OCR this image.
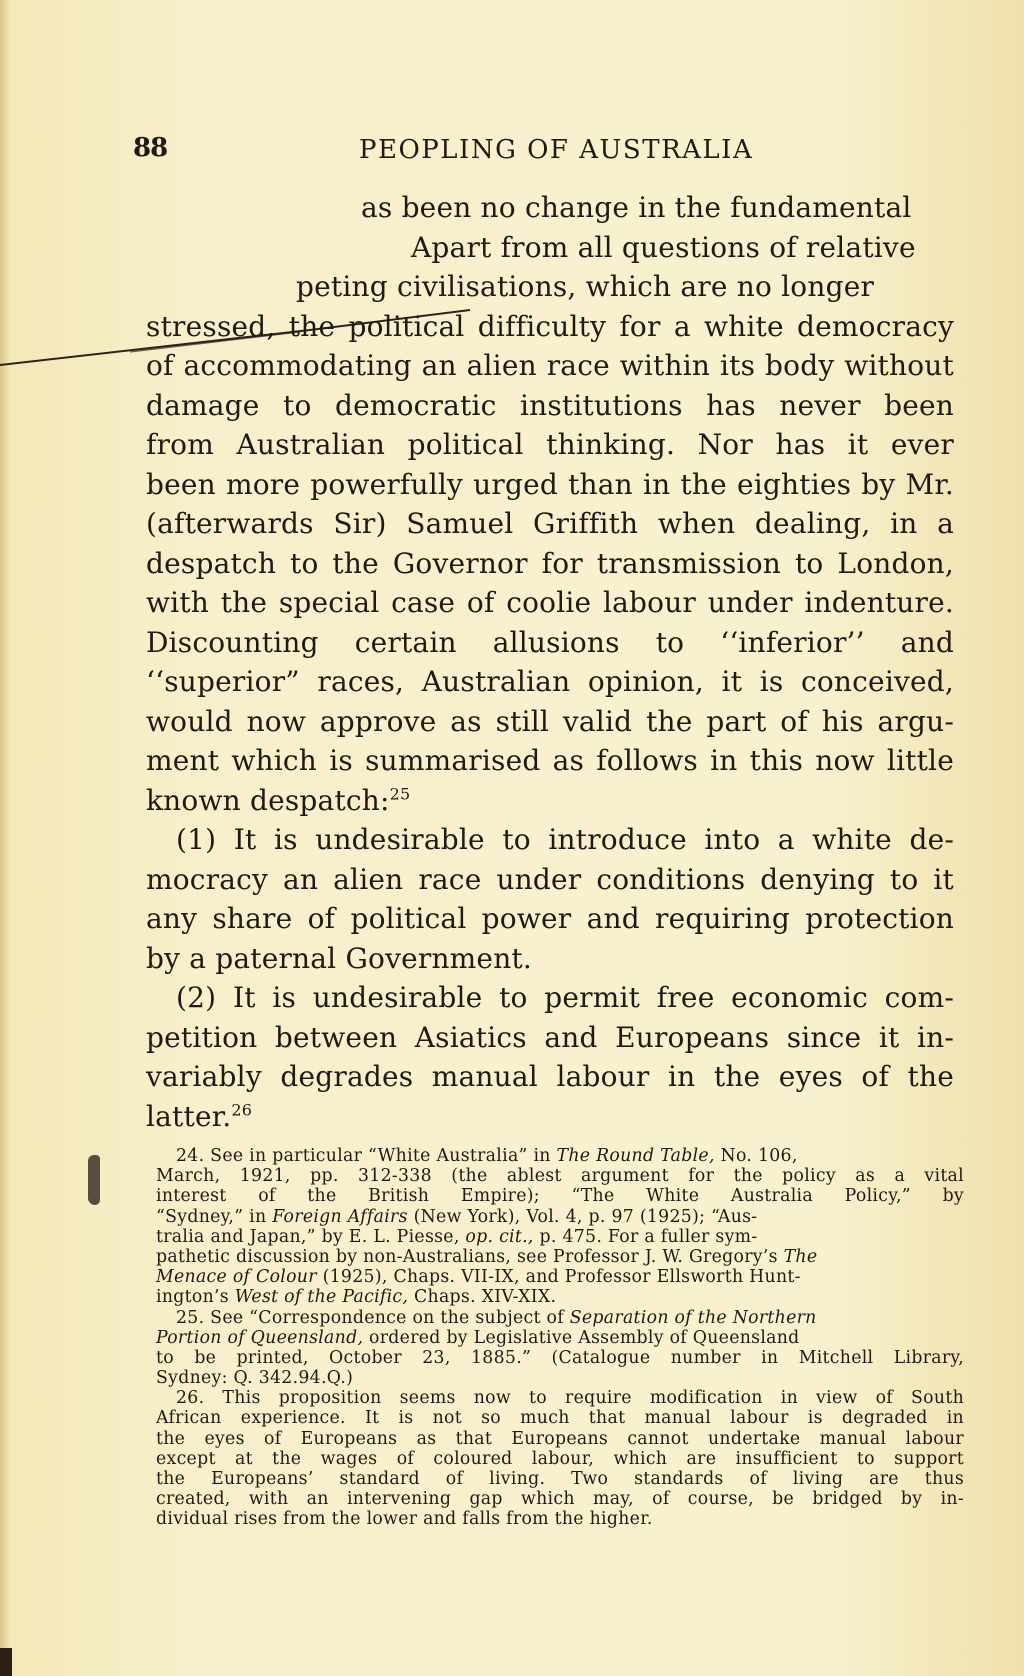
88	PEOPLING OF AUSTRALIA
as been no change in the fundamental
Apart from all questions of relative
peting civilisations, which are no longer
stressed, the political difficulty for a white democracy
of accommodating an alien race within its body without
damage to democratic institutions has never been
from Australian political thinking. Nor has it ever
been more powerfully urged than in the eighties by Mr.
(afterwards Sir) Samuel Griffith when dealing, in a
despatch to the Governor for transmission to London,
with the special case of coolie labour under indenture.
Discounting certain allusions to ‘‘inferior’’ and
‘‘superior” races, Australian opinion, it is conceived,
would now approve as still valid the part of his argu-
ment which is summarised as follows in this now little
known despatch:$^{25}$
(1) It is undesirable to introduce into a white de-
mocracy an alien race under conditions denying to it
any share of political power and requiring protection
by a paternal Government.
(2) It is undesirable to permit free economic com-
petition between Asiatics and Europeans since it in-
variably degrades manual labour in the eyes of the
latter.$^{26}$
24. See in particular “White Australia” in The Round Table, No. 106,
March, 1921, pp. 312-338 (the ablest argument for the policy as a vital
interest of the British Empire); “The White Australia Policy,” by
“Sydney,” in Foreign Affairs (New York), Vol. 4, p. 97 (1925); “Aus-
tralia and Japan,” by E. L. Piesse, op. cit., p. 475. For a fuller sym-
pathetic discussion by non-Australians, see Professor J. W. Gregory’s The
Menace of Colour (1925), Chaps. VII-IX, and Professor Ellsworth Hunt-
ington’s West of the Pacific, Chaps. XIV-XIX.
25. See “Correspondence on the subject of Separation of the Northern
Portion of Queensland, ordered by Legislative Assembly of Queensland
to be printed, October 23, 1885.” (Catalogue number in Mitchell Library,
Sydney: Q. 342.94.Q.)
26. This proposition seems now to require modification in view of South
African experience. It is not so much that manual labour is degraded in
the eyes of Europeans as that Europeans cannot undertake manual labour
except at the wages of coloured labour, which are insufficient to support
the Europeans’ standard of living. Two standards of living are thus
created, with an intervening gap which may, of course, be bridged by in-
dividual rises from the lower and falls from the higher.
